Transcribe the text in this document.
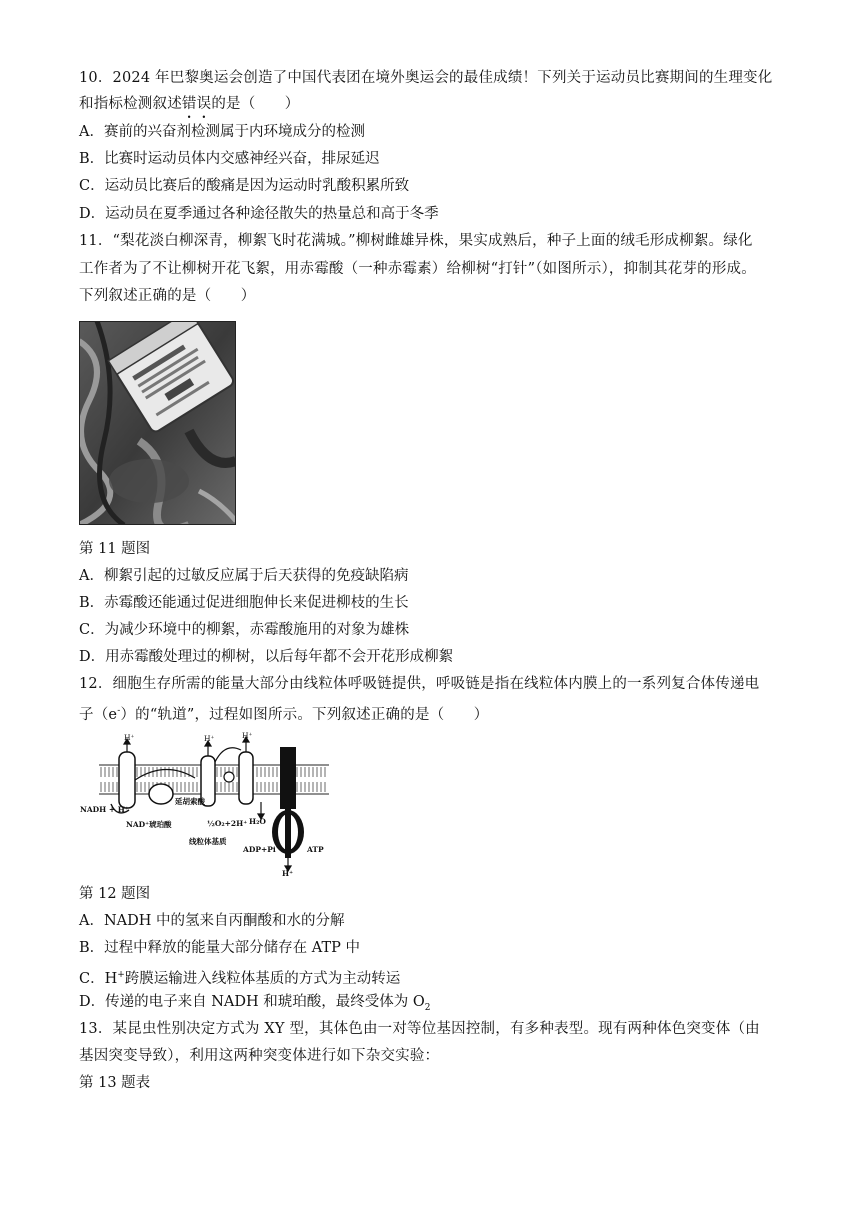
10．2024 年巴黎奥运会创造了中国代表团在境外奥运会的最佳成绩！下列关于运动员比赛期间的生理变化
和指标检测叙述错误的是（　　）
A．赛前的兴奋剂检测属于内环境成分的检测
B．比赛时运动员体内交感神经兴奋，排尿延迟
C．运动员比赛后的酸痛是因为运动时乳酸积累所致
D．运动员在夏季通过各种途径散失的热量总和高于冬季
11．“梨花淡白柳深青，柳絮飞时花满城。”柳树雌雄异株，果实成熟后，种子上面的绒毛形成柳絮。绿化
工作者为了不让柳树开花飞絮，用赤霉酸（一种赤霉素）给柳树“打针”（如图所示），抑制其花芽的形成。
下列叙述正确的是（　　）
第 11 题图
A．柳絮引起的过敏反应属于后天获得的免疫缺陷病
B．赤霉酸还能通过促进细胞伸长来促进柳枝的生长
C．为减少环境中的柳絮，赤霉酸施用的对象为雄株
D．用赤霉酸处理过的柳树，以后每年都不会开花形成柳絮
12．细胞生存所需的能量大部分由线粒体呼吸链提供，呼吸链是指在线粒体内膜上的一系列复合体传递电
子（e-）的“轨道”，过程如图所示。下列叙述正确的是（　　）
H⁺	H⁺	H⁺
NADH + H⁺
NAD⁺ 琥珀酸
延胡索酸
H₂O
½O₂+2H⁺
线粒体基质
ADP+Pi	ATP
H⁺
第 12 题图
A．NADH 中的氢来自丙酮酸和水的分解
B．过程中释放的能量大部分储存在 ATP 中
C．H+跨膜运输进入线粒体基质的方式为主动转运
D．传递的电子来自 NADH 和琥珀酸，最终受体为 $O_2$
13．某昆虫性别决定方式为 XY 型，其体色由一对等位基因控制，有多种表型。现有两种体色突变体（由
基因突变导致），利用这两种突变体进行如下杂交实验：
第 13 题表
